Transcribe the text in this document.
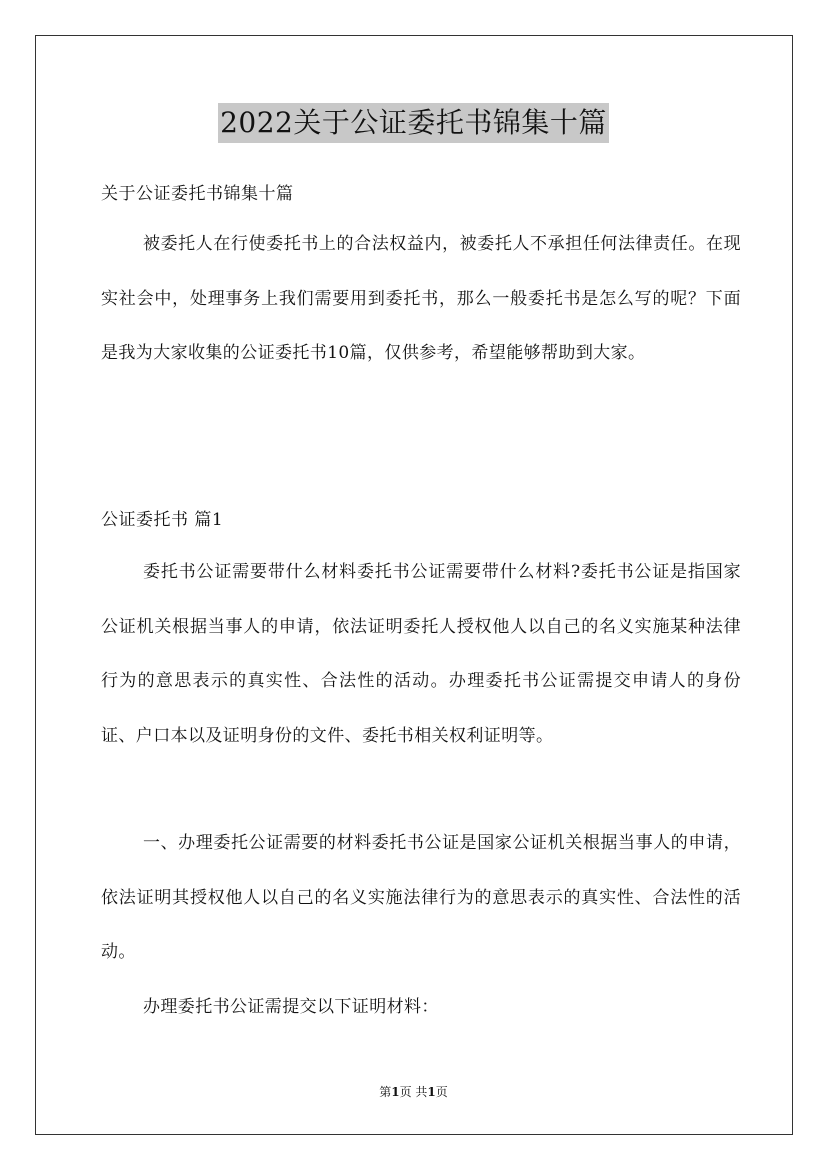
2022关于公证委托书锦集十篇
关于公证委托书锦集十篇

被委托人在行使委托书上的合法权益内，被委托人不承担任何法律责任。在现实社会中，处理事务上我们需要用到委托书，那么一般委托书是怎么写的呢？下面是我为大家收集的公证委托书10篇，仅供参考，希望能够帮助到大家。

公证委托书 篇1

委托书公证需要带什么材料委托书公证需要带什么材料?委托书公证是指国家公证机关根据当事人的申请，依法证明委托人授权他人以自己的名义实施某种法律行为的意思表示的真实性、合法性的活动。办理委托书公证需提交申请人的身份证、户口本以及证明身份的文件、委托书相关权利证明等。

一、办理委托公证需要的材料委托书公证是国家公证机关根据当事人的申请，依法证明其授权他人以自己的名义实施法律行为的意思表示的真实性、合法性的活动。

办理委托书公证需提交以下证明材料：

第1页 共1页
